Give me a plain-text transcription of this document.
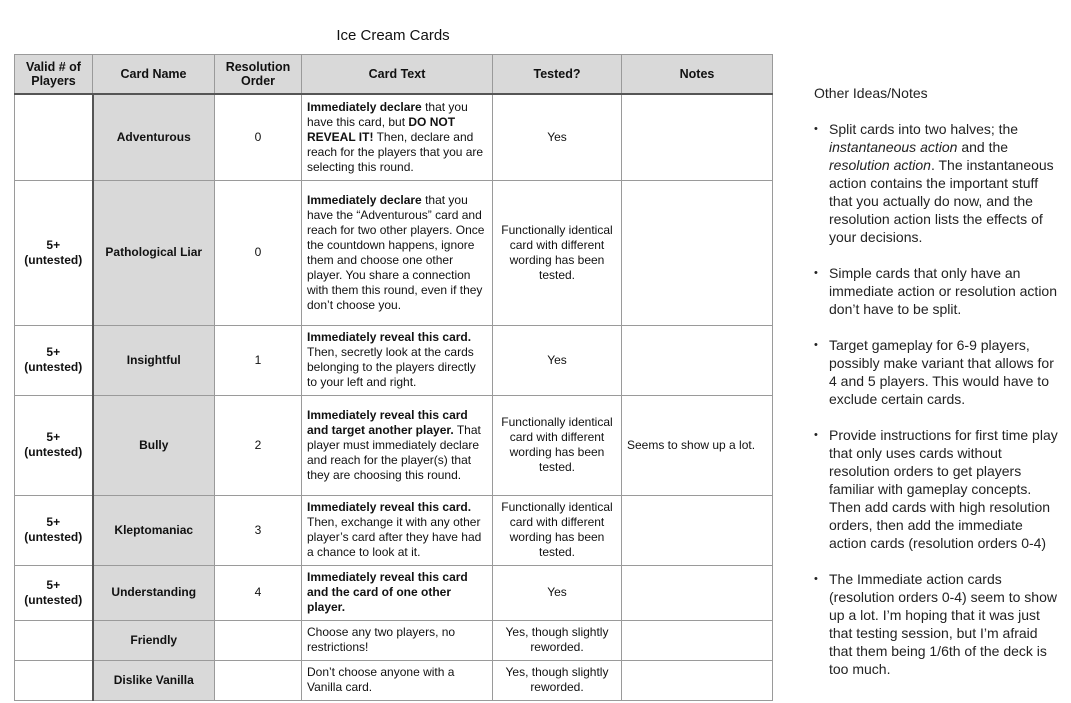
Ice Cream Cards
Valid # of Players	Card Name	Resolution Order	Card Text	Tested?	Notes
	Adventurous	0	Immediately declare that you have this card, but DO NOT REVEAL IT! Then, declare and reach for the players that you are selecting this round.	Yes	
5+ (untested)	Pathological Liar	0	Immediately declare that you have the “Adventurous” card and reach for two other players. Once the countdown happens, ignore them and choose one other player. You share a connection with them this round, even if they don’t choose you.	Functionally identical card with different wording has been tested.	
5+ (untested)	Insightful	1	Immediately reveal this card. Then, secretly look at the cards belonging to the players directly to your left and right.	Yes	
5+ (untested)	Bully	2	Immediately reveal this card and target another player. That player must immediately declare and reach for the player(s) that they are choosing this round.	Functionally identical card with different wording has been tested.	Seems to show up a lot.
5+ (untested)	Kleptomaniac	3	Immediately reveal this card. Then, exchange it with any other player’s card after they have had a chance to look at it.	Functionally identical card with different wording has been tested.	
5+ (untested)	Understanding	4	Immediately reveal this card and the card of one other player.	Yes	
	Friendly		Choose any two players, no restrictions!	Yes, though slightly reworded.	
	Dislike Vanilla		Don’t choose anyone with a Vanilla card.	Yes, though slightly reworded.	
Other Ideas/Notes
• Split cards into two halves; the instantaneous action and the resolution action. The instantaneous action contains the important stuff that you actually do now, and the resolution action lists the effects of your decisions.
• Simple cards that only have an immediate action or resolution action don’t have to be split.
• Target gameplay for 6-9 players, possibly make variant that allows for 4 and 5 players. This would have to exclude certain cards.
• Provide instructions for first time play that only uses cards without resolution orders to get players familiar with gameplay concepts. Then add cards with high resolution orders, then add the immediate action cards (resolution orders 0-4)
• The Immediate action cards (resolution orders 0-4) seem to show up a lot. I’m hoping that it was just that testing session, but I’m afraid that them being 1/6th of the deck is too much.
